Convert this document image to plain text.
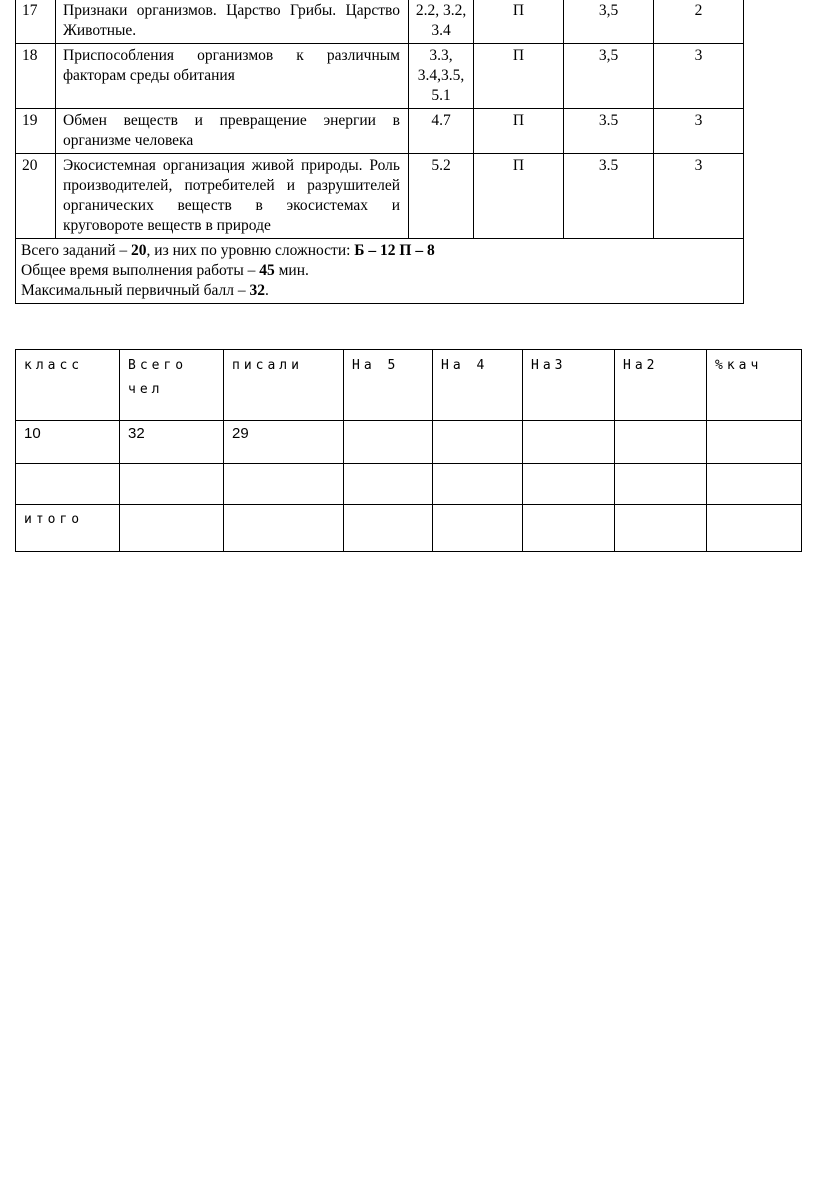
17	Признаки организмов. Царство Грибы. Царство Животные.	2.2, 3.2,
3.4	П	3,5	2
18	Приспособления организмов к различным факторам среды обитания	3.3,
3.4,3.5,
5.1	П	3,5	3
19	Обмен веществ и превращение энергии в организме человека	4.7	П	3.5	3
20	Экосистемная организация живой природы. Роль производителей, потребителей и разрушителей органических веществ в экосистемах и круговороте веществ в природе	5.2	П	3.5	3

Всего заданий – 20, из них по уровню сложности: Б – 12 П – 8
Общее время выполнения работы – 45 мин.
Максимальный первичный балл – 32.					
класс	Всего чел	писали	На 5	На 4	На3	На2	%кач
10	32	29					

итого							
